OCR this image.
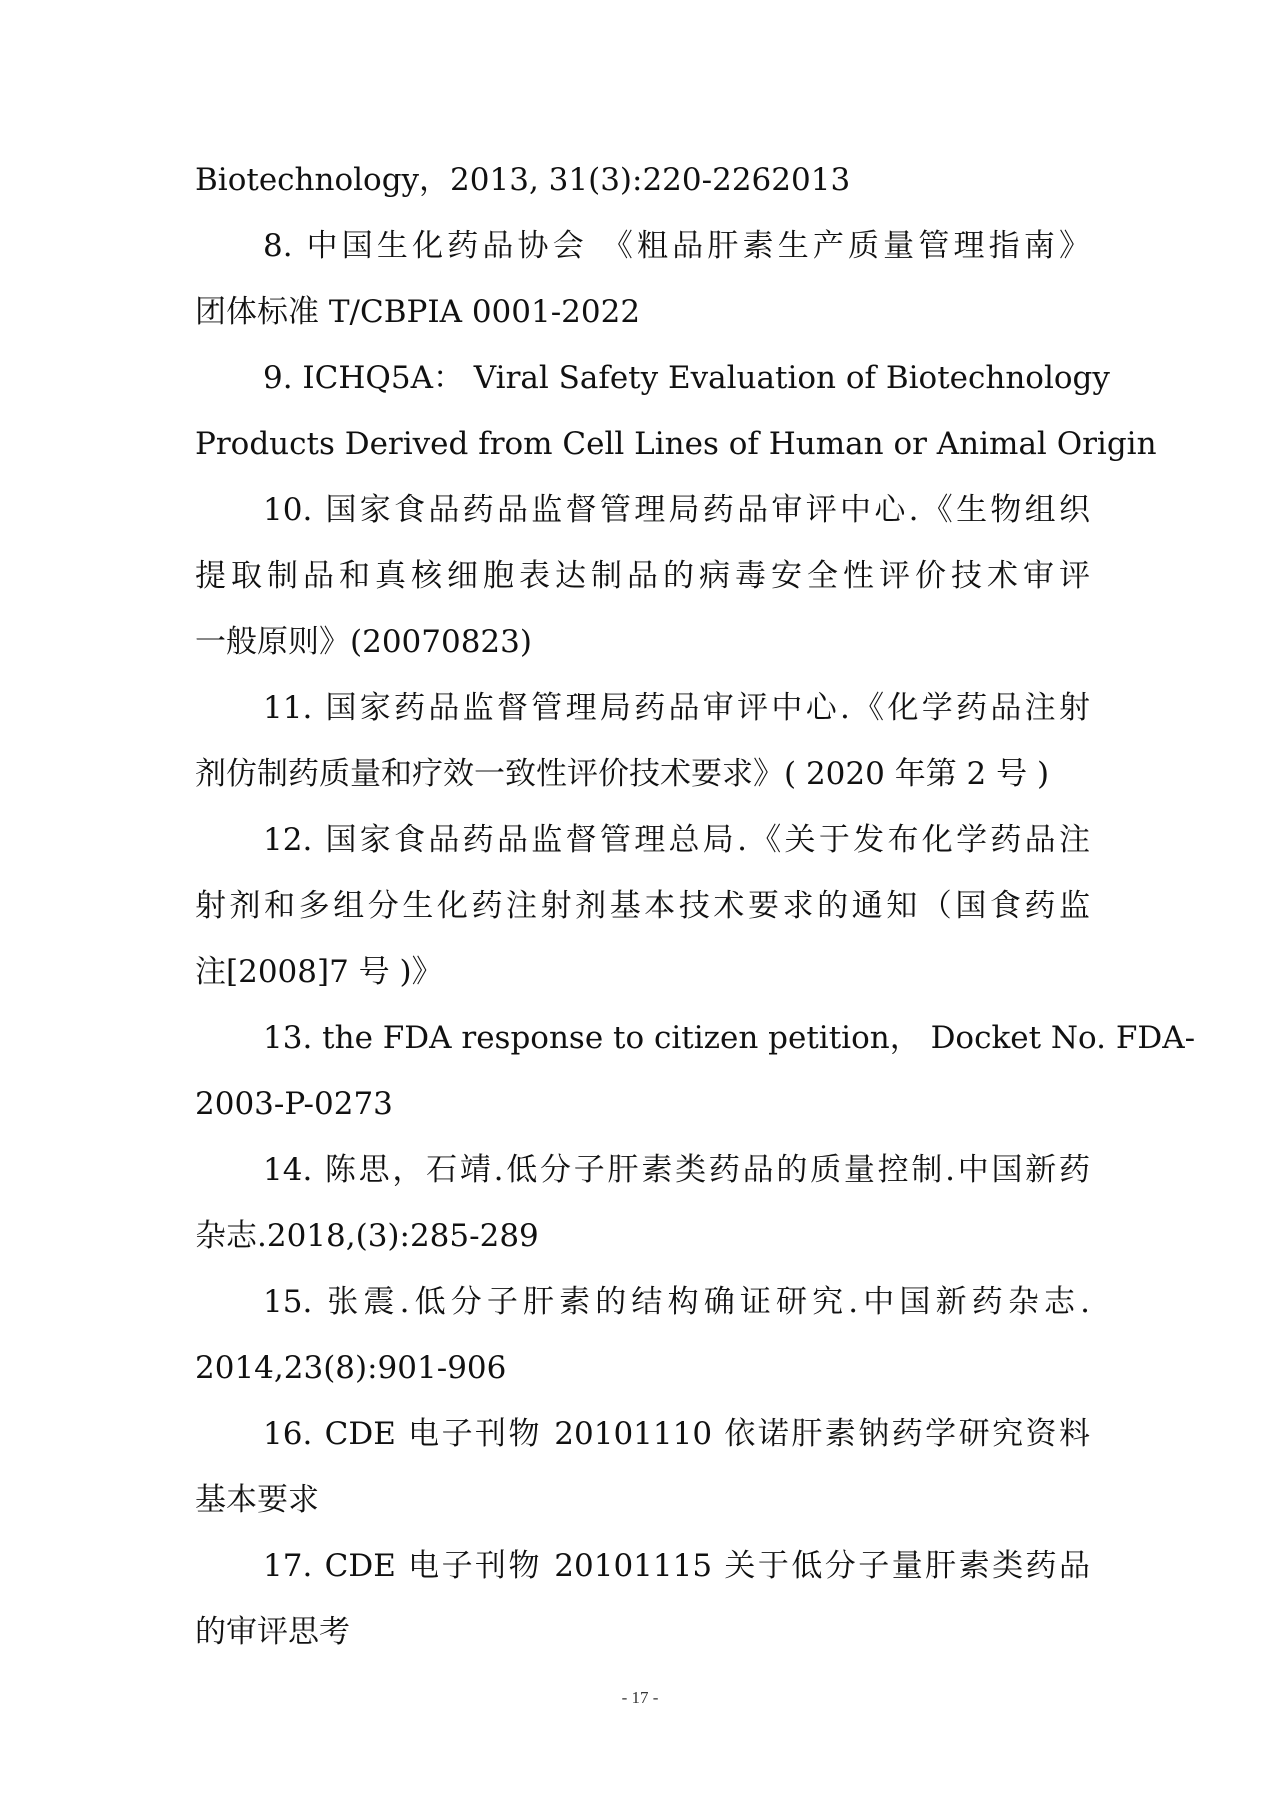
Biotechnology，2013, 31(3):220-2262013
8. 中国生化药品协会 《粗品肝素生产质量管理指南》
团体标准 T/CBPIA 0001-2022
9. ICHQ5A： Viral Safety Evaluation of Biotechnology
Products Derived from Cell Lines of Human or Animal Origin
10. 国家食品药品监督管理局药品审评中心.《生物组织
提取制品和真核细胞表达制品的病毒安全性评价技术审评
一般原则》(20070823)
11. 国家药品监督管理局药品审评中心.《化学药品注射
剂仿制药质量和疗效一致性评价技术要求》( 2020 年第 2 号 )
12. 国家食品药品监督管理总局.《关于发布化学药品注
射剂和多组分生化药注射剂基本技术要求的通知（国食药监
注[2008]7 号 )》
13. the FDA response to citizen petition， Docket No. FDA-
2003-P-0273
14. 陈思，石靖.低分子肝素类药品的质量控制.中国新药
杂志.2018,(3):285-289
15. 张震.低分子肝素的结构确证研究.中国新药杂志.
2014,23(8):901-906
16. CDE 电子刊物 20101110 依诺肝素钠药学研究资料
基本要求
17. CDE 电子刊物 20101115 关于低分子量肝素类药品
的审评思考
- 17 -
